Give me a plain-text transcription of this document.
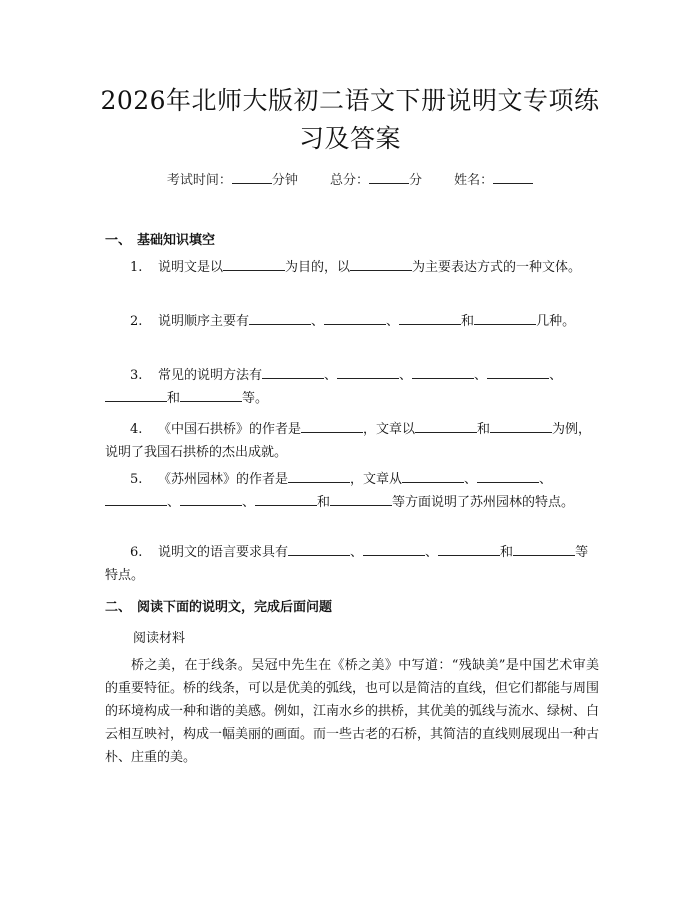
2026年北师大版初二语文下册说明文专项练习及答案
考试时间：	分钟 总分：	分 姓名：
一、 基础知识填空

1. 说明文是以	为目的，以	为主要表达方式的一种文体。

2. 说明顺序主要有	、	、	和	几种。

3. 常见的说明方法有	、	、	、	、和	等。

4. 《中国石拱桥》的作者是	，文章以	和	为例，说明了我国石拱桥的杰出成就。

5. 《苏州园林》的作者是	，文章从	、	、、	、	和	等方面说明了苏州园林的特点。

6. 说明文的语言要求具有	、	、	和	等特点。

二、 阅读下面的说明文，完成后面问题
阅读材料

桥之美，在于线条。吴冠中先生在《桥之美》中写道：“残缺美”是中国艺术审美的重要特征。桥的线条，可以是优美的弧线，也可以是简洁的直线，但它们都能与周围的环境构成一种和谐的美感。例如，江南水乡的拱桥，其优美的弧线与流水、绿树、白云相互映衬，构成一幅美丽的画面。而一些古老的石桥，其简洁的直线则展现出一种古朴、庄重的美。
